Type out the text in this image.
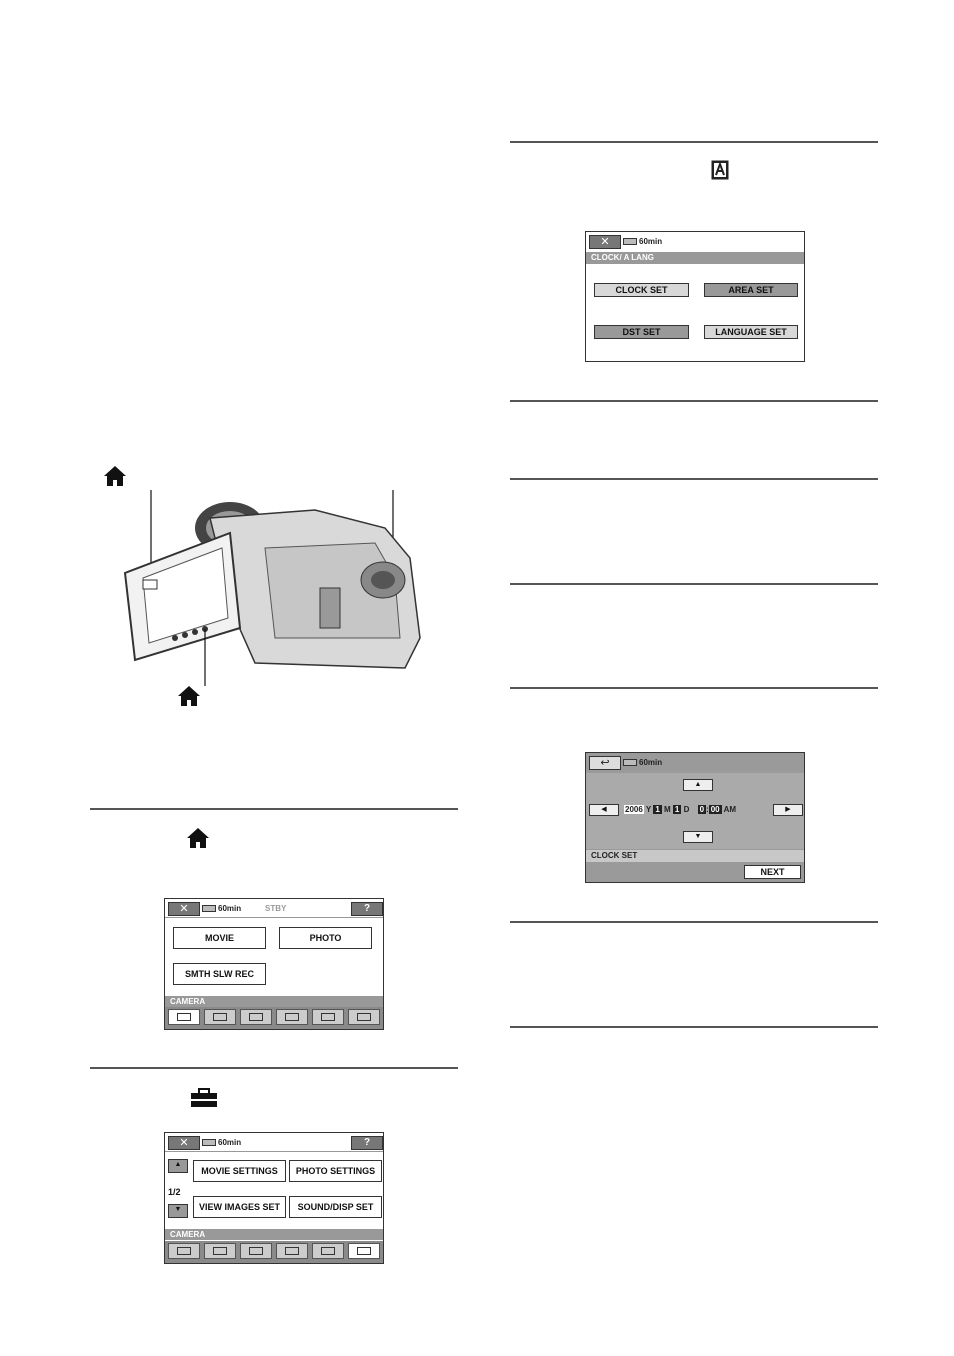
✕	60min
CLOCK/ A LANG
CLOCK SET	AREA SET
DST SET	LANGUAGE SET
↩	60min
▲
◀	▶
▼
2006 Y 1 M 1 D 0 : 00 AM
CLOCK SET
NEXT
✕	60min	STBY	?
MOVIE	PHOTO
SMTH SLW REC
CAMERA
✕	60min	?
▲
1/2
▼
MOVIE SETTINGS	PHOTO SETTINGS
VIEW IMAGES SET	SOUND/DISP SET
CAMERA
